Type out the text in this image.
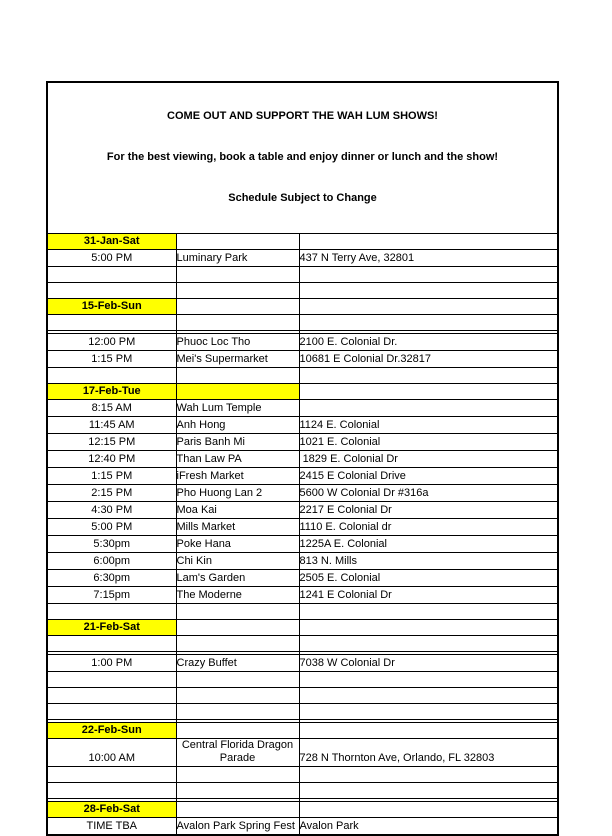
COME OUT AND SUPPORT THE WAH LUM SHOWS!

For the best viewing, book a table and enjoy dinner or lunch and the show!

Schedule Subject to Change		

31-Jan-Sat		
5:00 PM	Luminary Park	437 N Terry Ave, 32801

15-Feb-Sun		

12:00 PM	Phuoc Loc Tho	2100 E. Colonial Dr.
1:15 PM	Mei's Supermarket	10681 E Colonial Dr.32817

17-Feb-Tue		
8:15 AM	Wah Lum Temple	
11:45 AM	Anh Hong	1124 E. Colonial
12:15 PM	Paris Banh Mi	1021 E. Colonial
12:40 PM	Than Law PA	1829 E. Colonial Dr
1:15 PM	iFresh Market	2415 E Colonial Drive
2:15 PM	Pho Huong Lan 2	5600 W Colonial Dr #316a
4:30 PM	Moa Kai	2217 E Colonial Dr
5:00 PM	Mills Market	1110 E. Colonial dr
5:30pm	Poke Hana	1225A E. Colonial
6:00pm	Chi Kin	813 N. Mills
6:30pm	Lam's Garden	2505 E. Colonial
7:15pm	The Moderne	1241 E Colonial Dr

21-Feb-Sat		

1:00 PM	Crazy Buffet	7038 W Colonial Dr

22-Feb-Sun		
10:00 AM	Central Florida Dragon Parade	728 N Thornton Ave, Orlando, FL 32803

28-Feb-Sat		
TIME TBA	Avalon Park Spring Fest	Avalon Park
